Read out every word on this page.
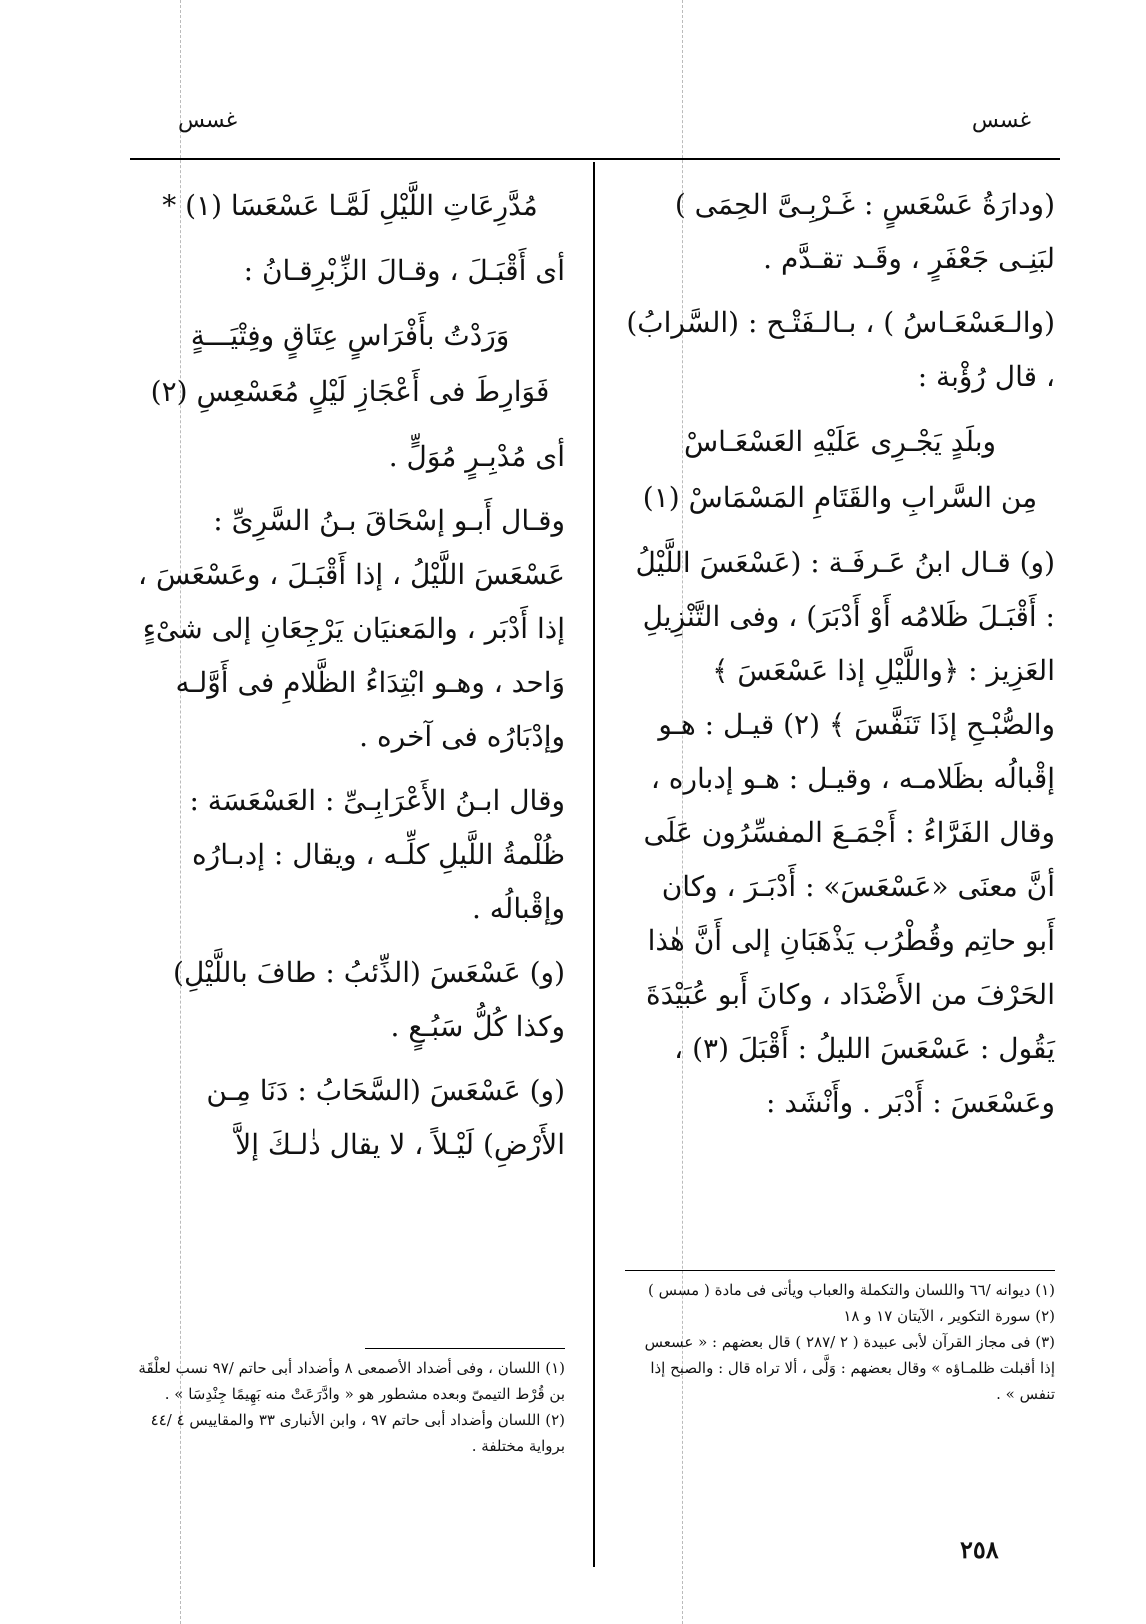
غسس
غسس

(ودارَةُ عَسْعَسٍ : غَـرْبِـىَّ الحِمَى ) لبَنِـى جَعْفَرٍ ، وقَـد تقـدَّم .

(والـعَسْعَـاسُ ) ، بـالـفَتْـح : (السَّرابُ) ، قال رُؤْبة :

وبلَدٍ يَجْـرِى عَلَيْهِ العَسْعَـاسْ
مِن السَّرابِ والقَتَامِ المَسْمَاسْ (١)

(و) قـال ابنُ عَـرفَـة : (عَسْعَسَ اللَّيْلُ : أَقْبَـلَ ظَلامُه أَوْ أَدْبَرَ) ، وفى التَّنْزِيلِ العَزِيز : ﴿واللَّيْلِ إذا عَسْعَسَ ﴾ والصُّبْـحِ إذَا تَنَفَّسَ ﴾ (٢) قيـل : هـو إقْبالُه بظَلامـه ، وقيـل : هـو إدباره ، وقال الفَرَّاءُ : أَجْمَـعَ المفسِّرُون عَلَى أنَّ معنَى «عَسْعَسَ» : أَدْبَـرَ ، وكان أَبو حاتِم وقُطْرُب يَذْهَبَانِ إلى أَنَّ هٰذا الحَرْفَ من الأَضْدَاد ، وكانَ أَبو عُبَيْدَةَ يَقُول : عَسْعَسَ الليلُ : أَقْبَلَ (٣) ، وعَسْعَسَ : أَدْبَر . وأَنْشَد :

(١) ديوانه /٦٦ واللسان والتكملة والعباب ويأتى فى مادة ( مسس )
(٢) سورة التكوير ، الآيتان ١٧ و ١٨
(٣) فى مجاز القرآن لأبى عبيدة ( ٢ /٢٨٧ ) قال بعضهم : « عسعس إذا أقبلت ظلمـاؤه » وقال بعضهم : وَلَّى ، ألا تراه قال : والصبح إذا تنفس » .

مُدَّرِعَاتِ اللَّيْلِ لَمَّـا عَسْعَسَا (١) *

أى أَقْبَـلَ ، وقـالَ الزِّبْرِقـانُ :

وَرَدْتُ بأَفْرَاسٍ عِتَاقٍ وفِتْيَـــةٍ
فَوَارِطَ فى أَعْجَازِ لَيْلٍ مُعَسْعِسِ (٢)

أى مُدْبِـرٍ مُوَلٍّ .

وقـال أَبـو إسْحَاقَ بـنُ السَّرِىِّ : عَسْعَسَ اللَّيْلُ ، إذا أَقْبَـلَ ، وعَسْعَسَ ، إذا أَدْبَر ، والمَعنيَان يَرْجِعَانِ إلى شىْءٍ وَاحد ، وهـو ابْتِدَاءُ الظَّلامِ فى أَوَّلـه وإدْبَارُه فى آخره .

وقال ابـنُ الأَعْرَابِـىِّ : العَسْعَسَة : ظُلْمةُ اللَّيلِ كلِّـه ، ويقال : إدبـارُه وإقْبالُه .

(و) عَسْعَسَ (الذِّئبُ : طافَ باللَّيْلِ) وكذا كُلُّ سَبُـعٍ .

(و) عَسْعَسَ (السَّحَابُ : دَنَا مِـن الأَرْضِ) لَيْـلاً ، لا يقال ذٰلـكَ إلاَّ

(١) اللسان ، وفى أضداد الأصمعى ٨ وأضداد أبى حاتم /٩٧ نسب لعلْقَة بن قُرْط التيمىّ وبعده مشطور هو « وادَّرَعَتْ منه بَهِيمًا جِنْدِسَا » .
(٢) اللسان وأضداد أبى حاتم ٩٧ ، وابن الأنبارى ٣٣ والمقاييس ٤ /٤٤ برواية مختلفة .
٢٥٨
